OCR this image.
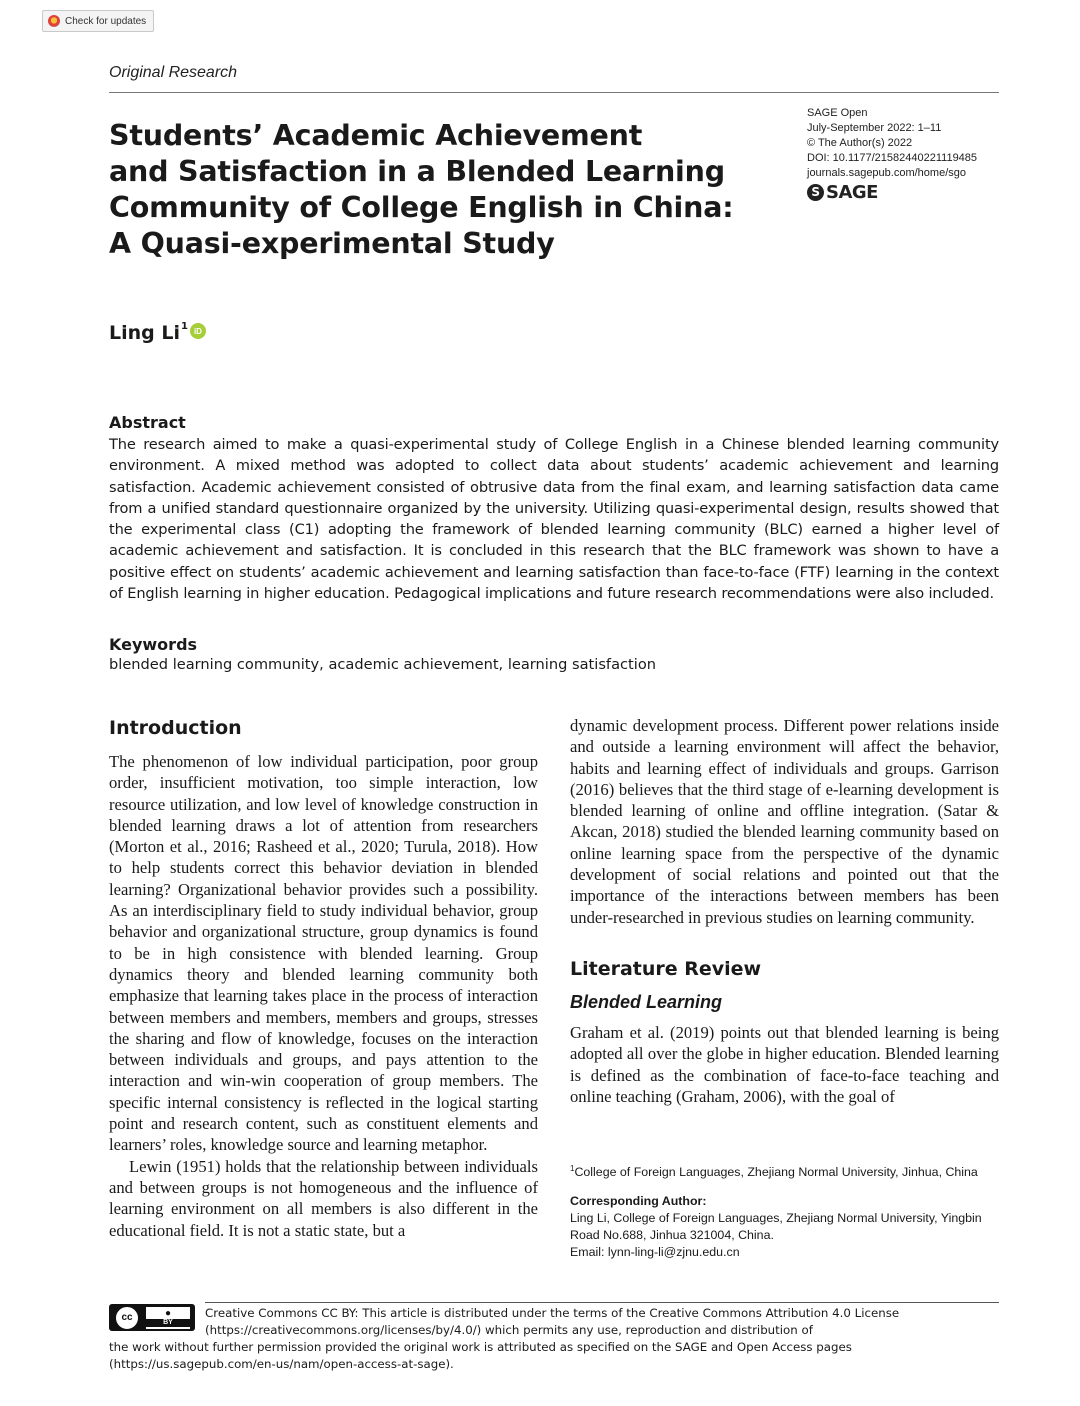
Check for updates
Original Research
Students’ Academic Achievement
and Satisfaction in a Blended Learning
Community of College English in China:
A Quasi-experimental Study
SAGE Open
July-September 2022: 1–11
© The Author(s) 2022
DOI: 10.1177/21582440221119485
journals.sagepub.com/home/sgo
S SAGE
Ling Li$^1$ iD
Abstract

The research aimed to make a quasi-experimental study of College English in a Chinese blended learning community environment. A mixed method was adopted to collect data about students’ academic achievement and learning satisfaction. Academic achievement consisted of obtrusive data from the final exam, and learning satisfaction data came from a unified standard questionnaire organized by the university. Utilizing quasi-experimental design, results showed that the experimental class (C1) adopting the framework of blended learning community (BLC) earned a higher level of academic achievement and satisfaction. It is concluded in this research that the BLC framework was shown to have a positive effect on students’ academic achievement and learning satisfaction than face-to-face (FTF) learning in the context of English learning in higher education. Pedagogical implications and future research recommendations were also included.

Keywords
blended learning community, academic achievement, learning satisfaction
Introduction

The phenomenon of low individual participation, poor group order, insufficient motivation, too simple interaction, low resource utilization, and low level of knowledge construction in blended learning draws a lot of attention from researchers (Morton et al., 2016; Rasheed et al., 2020; Turula, 2018). How to help students correct this behavior deviation in blended learning? Organizational behavior provides such a possibility. As an interdisciplinary field to study individual behavior, group behavior and organizational structure, group dynamics is found to be in high consistence with blended learning. Group dynamics theory and blended learning community both emphasize that learning takes place in the process of interaction between members and members, members and groups, stresses the sharing and flow of knowledge, focuses on the interaction between individuals and groups, and pays attention to the interaction and win-win cooperation of group members. The specific internal consistency is reflected in the logical starting point and research content, such as constituent elements and learners’ roles, knowledge source and learning metaphor.

Lewin (1951) holds that the relationship between individuals and between groups is not homogeneous and the influence of learning environment on all members is also different in the educational field. It is not a static state, but a

dynamic development process. Different power relations inside and outside a learning environment will affect the behavior, habits and learning effect of individuals and groups. Garrison (2016) believes that the third stage of e-learning development is blended learning of online and offline integration. (Satar & Akcan, 2018) studied the blended learning community based on online learning space from the perspective of the dynamic development of social relations and pointed out that the importance of the interactions between members has been under-researched in previous studies on learning community.

Literature Review
Blended Learning

Graham et al. (2019) points out that blended learning is being adopted all over the globe in higher education. Blended learning is defined as the combination of face-to-face teaching and online teaching (Graham, 2006), with the goal of

$^1$College of Foreign Languages, Zhejiang Normal University, Jinhua, China
Corresponding Author:
Ling Li, College of Foreign Languages, Zhejiang Normal University, Yingbin Road No.688, Jinhua 321004, China.
Email: lynn-ling-li@zjnu.edu.cn
cc	●
BY
Creative Commons CC BY: This article is distributed under the terms of the Creative Commons Attribution 4.0 License
(https://creativecommons.org/licenses/by/4.0/) which permits any use, reproduction and distribution of
the work without further permission provided the original work is attributed as specified on the SAGE and Open Access pages
(https://us.sagepub.com/en-us/nam/open-access-at-sage).
